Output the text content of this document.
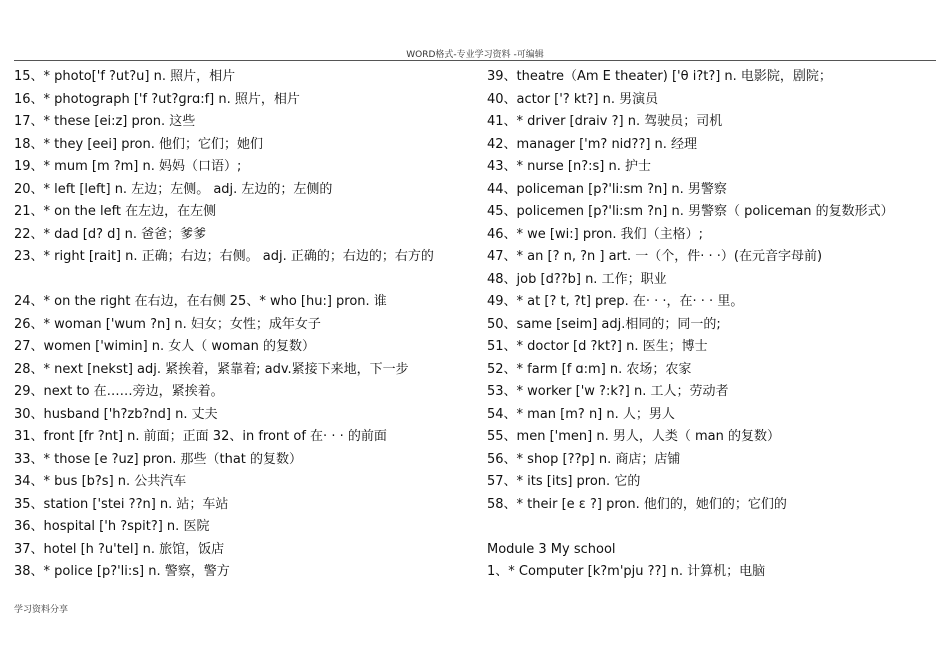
WORD格式-专业学习资料 -可编辑
15、* photo['f ?ut?u] n. 照片，相片
16、* photograph ['f ?ut?ɡrɑ:f] n. 照片，相片
17、* these [ei:z] pron. 这些
18、* they [eei] pron. 他们；它们；她们
19、* mum [m ?m] n. 妈妈（口语）;
20、* left [left] n. 左边；左侧。 adj. 左边的；左侧的
21、* on the left 在左边，在左侧
22、* dad [d? d] n. 爸爸；爹爹
23、* right [rait] n. 正确；右边；右侧。 adj. 正确的；右边的；右方的
24、* on the right 在右边，在右侧 25、* who [hu:] pron. 谁
26、* woman ['wum ?n] n. 妇女；女性；成年女子
27、women ['wimin] n. 女人（ woman 的复数）
28、* next [nekst] adj. 紧挨着，紧靠着; adv.紧接下来地，下一步
29、next to 在……旁边，紧挨着。
30、husband ['h?zb?nd] n. 丈夫
31、front [fr ?nt] n. 前面；正面 32、in front of 在· · · 的前面
33、* those [e ?uz] pron. 那些（that 的复数）
34、* bus [b?s] n. 公共汽车
35、station ['stei ??n] n. 站；车站
36、hospital ['h ?spit?] n. 医院
37、hotel [h ?u'tel] n. 旅馆，饭店
38、* police [p?'li:s] n. 警察，警方
39、theatre（Am E theater) ['θ i?t?] n. 电影院，剧院；
40、actor ['? kt?] n. 男演员
41、* driver [draiv ?] n. 驾驶员；司机
42、manager ['m? nid??] n. 经理
43、* nurse [n?:s] n. 护士
44、policeman [p?'li:sm ?n] n. 男警察
45、policemen [p?'li:sm ?n] n. 男警察（ policeman 的复数形式）
46、* we [wi:] pron. 我们（主格）;
47、* an [? n, ?n ] art. 一（个，件· · ·）(在元音字母前)
48、job [d??b] n. 工作；职业
49、* at [? t, ?t] prep. 在· · ·，在· · · 里。
50、same [seim] adj.相同的；同一的;
51、* doctor [d ?kt?] n. 医生；博士
52、* farm [f ɑ:m] n. 农场；农家
53、* worker ['w ?:k?] n. 工人；劳动者
54、* man [m? n] n. 人；男人
55、men ['men] n. 男人，人类（ man 的复数）
56、* shop [??p] n. 商店；店铺
57、* its [its] pron. 它的
58、* their [e ε ?] pron. 他们的，她们的；它们的
Module 3 My school
1、* Computer [k?m'pju ??] n. 计算机；电脑
学习资料分享
